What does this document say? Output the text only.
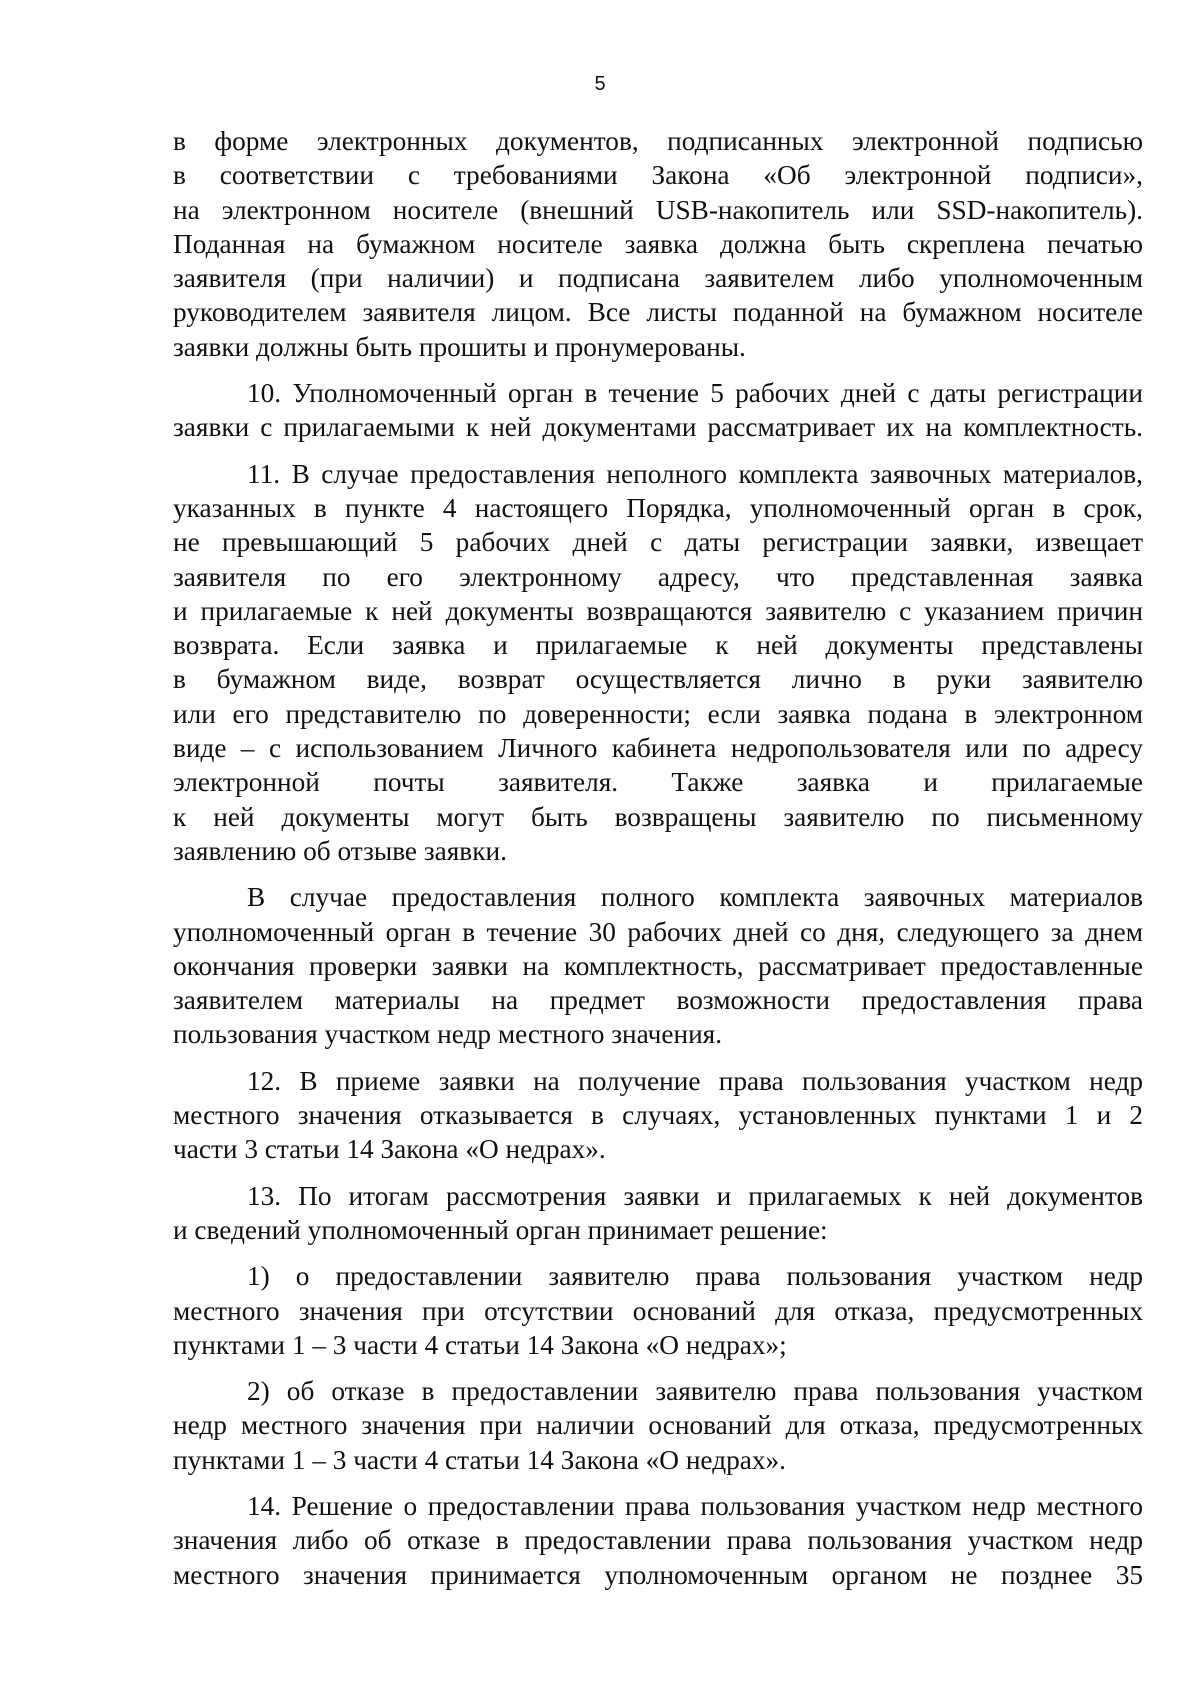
5
в форме электронных документов, подписанных электронной подписью
в соответствии с требованиями Закона «Об электронной подписи»,
на электронном носителе (внешний USB-накопитель или SSD-накопитель).
Поданная на бумажном носителе заявка должна быть скреплена печатью
заявителя (при наличии) и подписана заявителем либо уполномоченным
руководителем заявителя лицом. Все листы поданной на бумажном носителе
заявки должны быть прошиты и пронумерованы.
10. Уполномоченный орган в течение 5 рабочих дней с даты регистрации
заявки с прилагаемыми к ней документами рассматривает их на комплектность.
11. В случае предоставления неполного комплекта заявочных материалов,
указанных в пункте 4 настоящего Порядка, уполномоченный орган в срок,
не превышающий 5 рабочих дней с даты регистрации заявки, извещает
заявителя по его электронному адресу, что представленная заявка
и прилагаемые к ней документы возвращаются заявителю с указанием причин
возврата. Если заявка и прилагаемые к ней документы представлены
в бумажном виде, возврат осуществляется лично в руки заявителю
или его представителю по доверенности; если заявка подана в электронном
виде – с использованием Личного кабинета недропользователя или по адресу
электронной почты заявителя. Также заявка и прилагаемые
к ней документы могут быть возвращены заявителю по письменному
заявлению об отзыве заявки.
В случае предоставления полного комплекта заявочных материалов
уполномоченный орган в течение 30 рабочих дней со дня, следующего за днем
окончания проверки заявки на комплектность, рассматривает предоставленные
заявителем материалы на предмет возможности предоставления права
пользования участком недр местного значения.
12. В приеме заявки на получение права пользования участком недр
местного значения отказывается в случаях, установленных пунктами 1 и 2
части 3 статьи 14 Закона «О недрах».
13. По итогам рассмотрения заявки и прилагаемых к ней документов
и сведений уполномоченный орган принимает решение:
1) о предоставлении заявителю права пользования участком недр
местного значения при отсутствии оснований для отказа, предусмотренных
пунктами 1 – 3 части 4 статьи 14 Закона «О недрах»;
2) об отказе в предоставлении заявителю права пользования участком
недр местного значения при наличии оснований для отказа, предусмотренных
пунктами 1 – 3 части 4 статьи 14 Закона «О недрах».
14. Решение о предоставлении права пользования участком недр местного
значения либо об отказе в предоставлении права пользования участком недр
местного значения принимается уполномоченным органом не позднее 35
